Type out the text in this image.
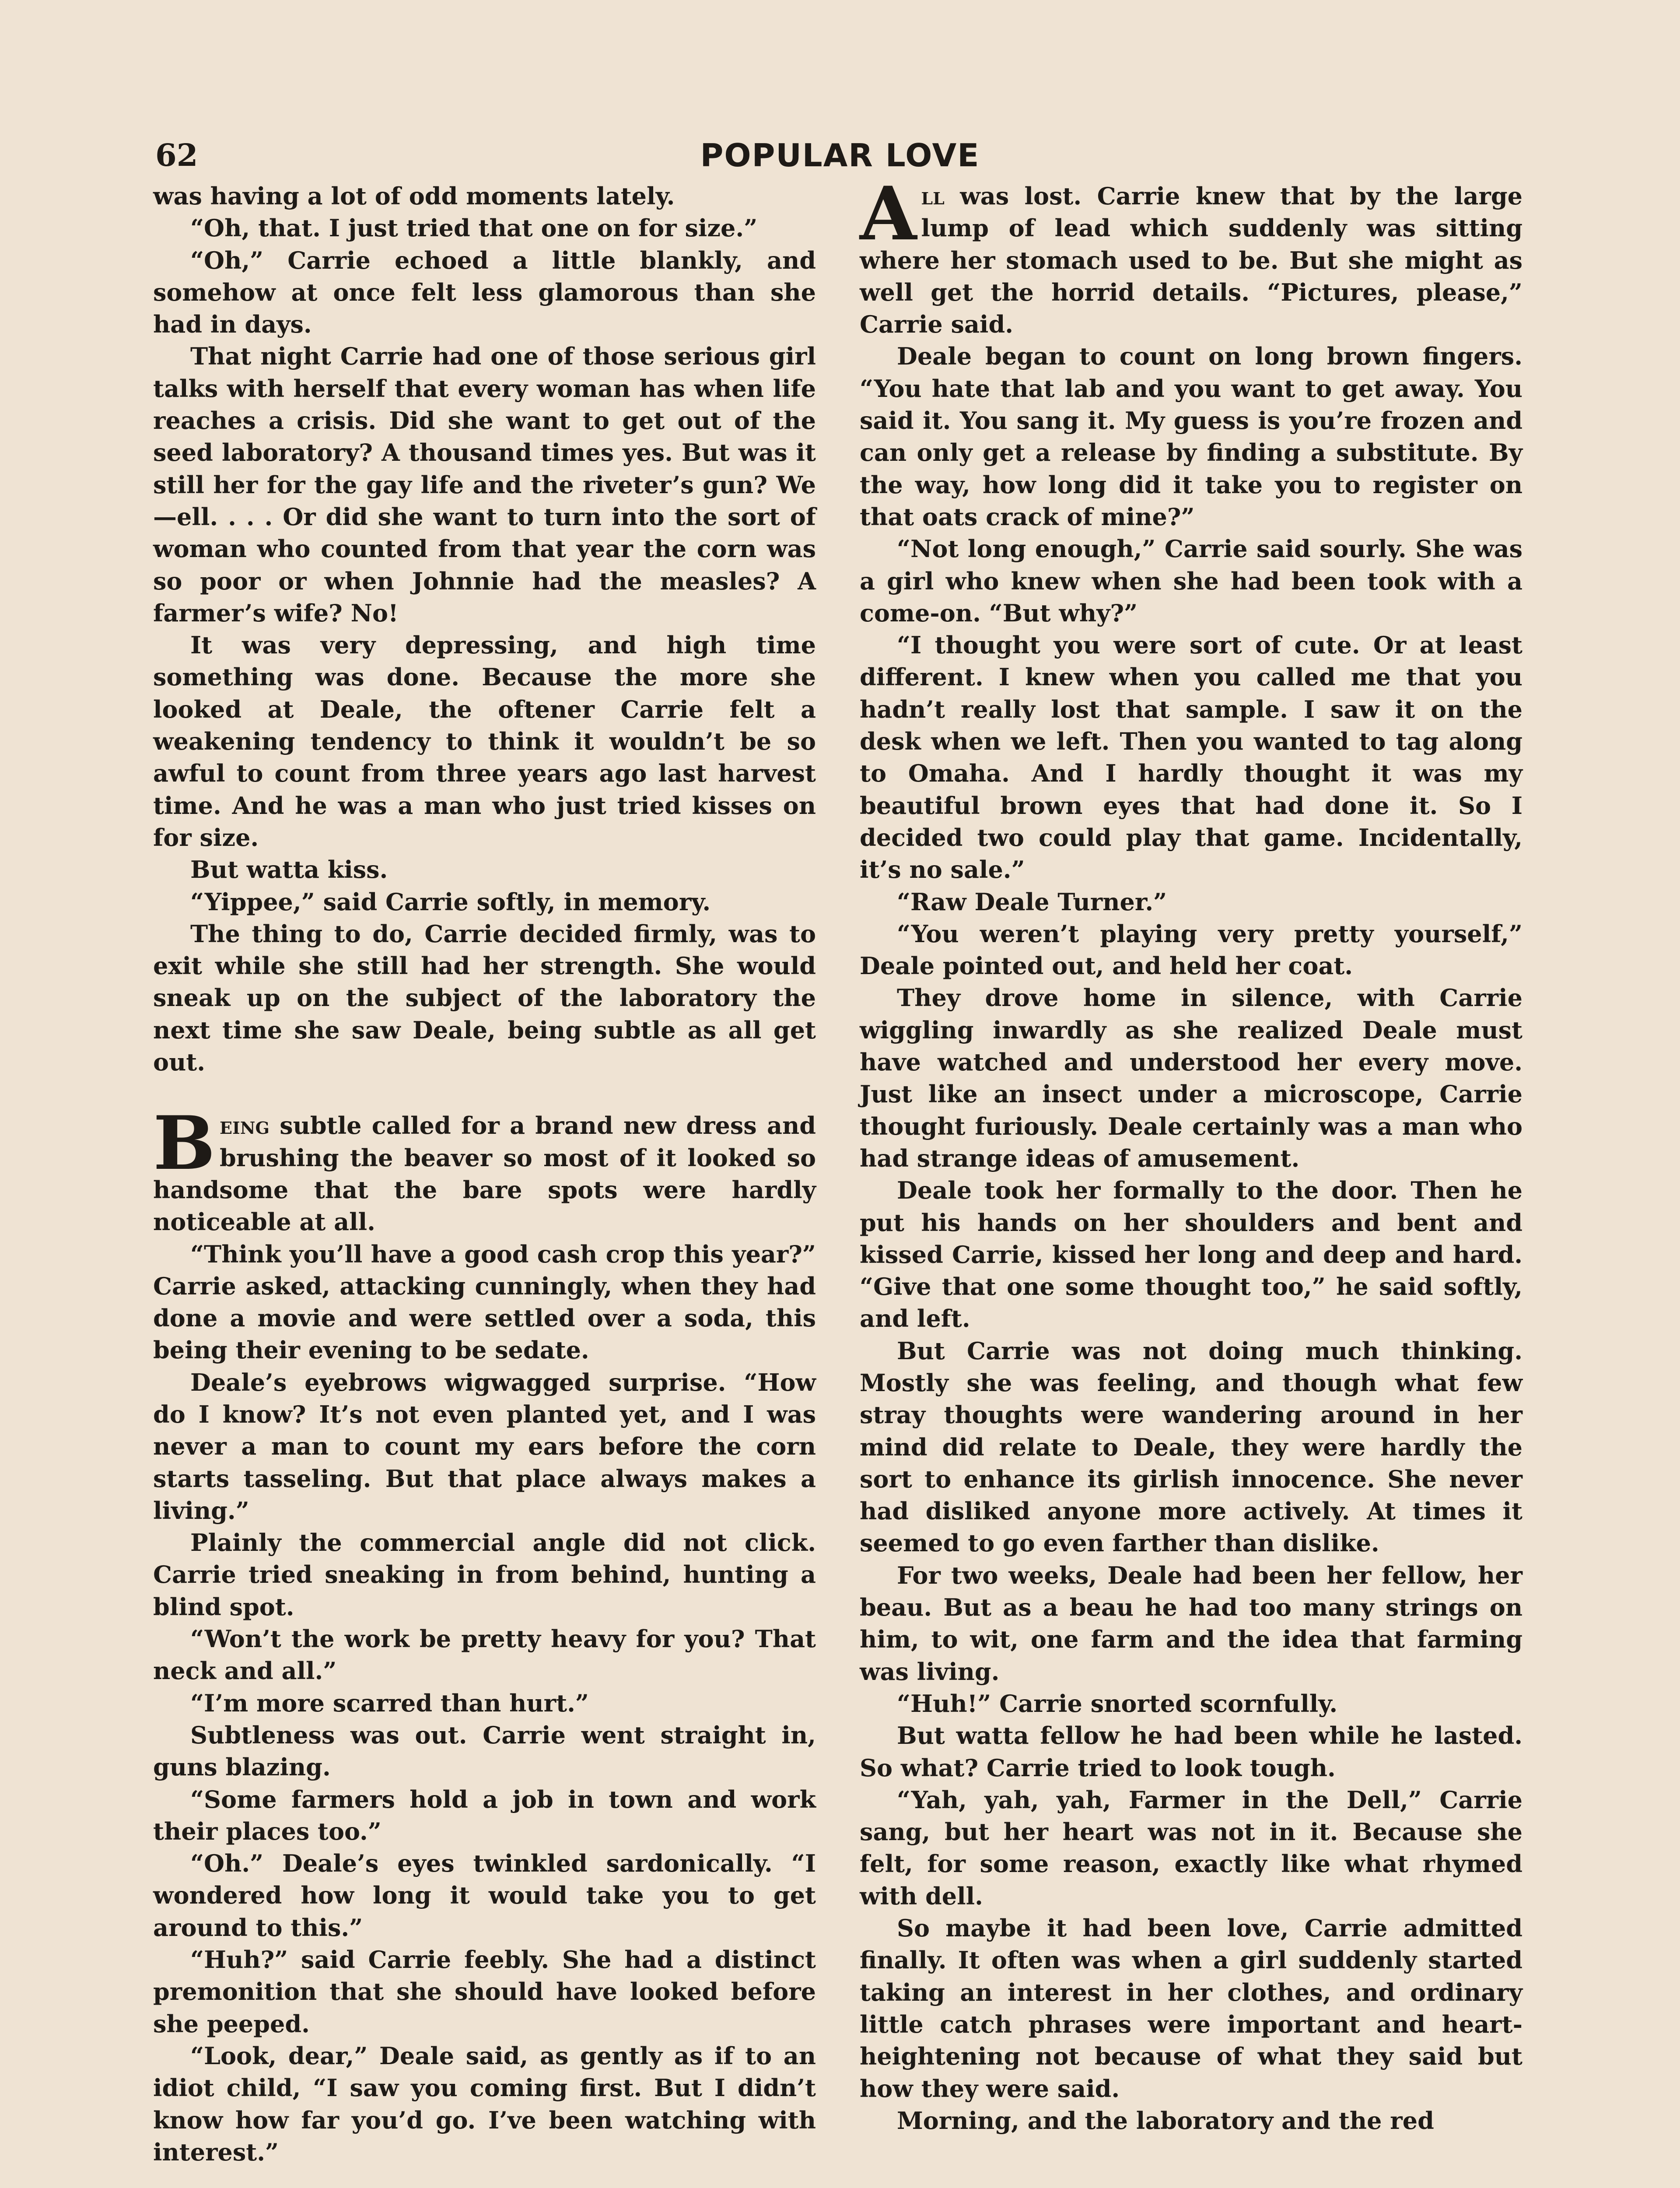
62	POPULAR LOVE

was having a lot of odd moments lately.

“Oh, that. I just tried that one on for size.”

“Oh,” Carrie echoed a little blankly, and somehow at once felt less glamorous than she had in days.

That night Carrie had one of those serious girl talks with herself that every woman has when life reaches a crisis. Did she want to get out of the seed laboratory? A thousand times yes. But was it still her for the gay life and the riveter’s gun? We—ell. . . . Or did she want to turn into the sort of woman who counted from that year the corn was so poor or when Johnnie had the measles? A farmer’s wife? No!

It was very depressing, and high time something was done. Because the more she looked at Deale, the oftener Carrie felt a weakening tendency to think it wouldn’t be so awful to count from three years ago last harvest time. And he was a man who just tried kisses on for size.

But watta kiss.

“Yippee,” said Carrie softly, in memory.

The thing to do, Carrie decided firmly, was to exit while she still had her strength. She would sneak up on the subject of the laboratory the next time she saw Deale, being subtle as all get out.

Being subtle called for a brand new dress and brushing the beaver so most of it looked so handsome that the bare spots were hardly noticeable at all.

“Think you’ll have a good cash crop this year?” Carrie asked, attacking cunningly, when they had done a movie and were settled over a soda, this being their evening to be sedate.

Deale’s eyebrows wigwagged surprise. “How do I know? It’s not even planted yet, and I was never a man to count my ears before the corn starts tasseling. But that place always makes a living.”

Plainly the commercial angle did not click. Carrie tried sneaking in from behind, hunting a blind spot.

“Won’t the work be pretty heavy for you? That neck and all.”

“I’m more scarred than hurt.”

Subtleness was out. Carrie went straight in, guns blazing.

“Some farmers hold a job in town and work their places too.”

“Oh.” Deale’s eyes twinkled sardonically. “I wondered how long it would take you to get around to this.”

“Huh?” said Carrie feebly. She had a distinct premonition that she should have looked before she peeped.

“Look, dear,” Deale said, as gently as if to an idiot child, “I saw you coming first. But I didn’t know how far you’d go. I’ve been watching with interest.”

All was lost. Carrie knew that by the large lump of lead which suddenly was sitting where her stomach used to be. But she might as well get the horrid details. “Pictures, please,” Carrie said.

Deale began to count on long brown fingers. “You hate that lab and you want to get away. You said it. You sang it. My guess is you’re frozen and can only get a release by finding a substitute. By the way, how long did it take you to register on that oats crack of mine?”

“Not long enough,” Carrie said sourly. She was a girl who knew when she had been took with a come-on. “But why?”

“I thought you were sort of cute. Or at least different. I knew when you called me that you hadn’t really lost that sample. I saw it on the desk when we left. Then you wanted to tag along to Omaha. And I hardly thought it was my beautiful brown eyes that had done it. So I decided two could play that game. Incidentally, it’s no sale.”

“Raw Deale Turner.”

“You weren’t playing very pretty yourself,” Deale pointed out, and held her coat.

They drove home in silence, with Carrie wiggling inwardly as she realized Deale must have watched and understood her every move. Just like an insect under a microscope, Carrie thought furiously. Deale certainly was a man who had strange ideas of amusement.

Deale took her formally to the door. Then he put his hands on her shoulders and bent and kissed Carrie, kissed her long and deep and hard. “Give that one some thought too,” he said softly, and left.

But Carrie was not doing much thinking. Mostly she was feeling, and though what few stray thoughts were wandering around in her mind did relate to Deale, they were hardly the sort to enhance its girlish innocence. She never had disliked anyone more actively. At times it seemed to go even farther than dislike.

For two weeks, Deale had been her fellow, her beau. But as a beau he had too many strings on him, to wit, one farm and the idea that farming was living.

“Huh!” Carrie snorted scornfully.

But watta fellow he had been while he lasted. So what? Carrie tried to look tough.

“Yah, yah, yah, Farmer in the Dell,” Carrie sang, but her heart was not in it. Because she felt, for some reason, exactly like what rhymed with dell.

So maybe it had been love, Carrie admitted finally. It often was when a girl suddenly started taking an interest in her clothes, and ordinary little catch phrases were important and heart-heightening not because of what they said but how they were said.

Morning, and the laboratory and the red
